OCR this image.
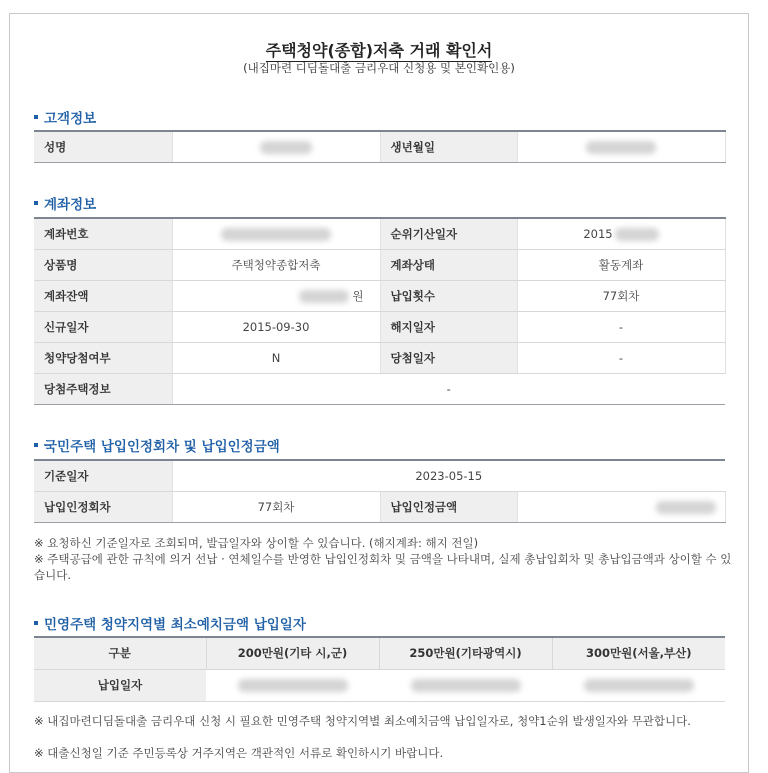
주택청약(종합)저축 거래 확인서
(내집마련 디딤돌대출 금리우대 신청용 및 본인확인용)
고객정보
성명		생년월일	
계좌정보
계좌번호		순위기산일자	2015
상품명	주택청약종합저축	계좌상태	활동계좌
계좌잔액	원	납입횟수	77회차
신규일자	2015-09-30	해지일자	-
청약당첨여부	N	당첨일자	-
당첨주택정보	-		
국민주택 납입인정회차 및 납입인정금액
기준일자	2023-05-15		
납입인정회차	77회차	납입인정금액	
※ 요청하신 기준일자로 조회되며, 발급일자와 상이할 수 있습니다. (해지계좌: 해지 전일)
※ 주택공급에 관한 규칙에 의거 선납 · 연체일수를 반영한 납입인정회차 및 금액을 나타내며, 실제 총납입회차 및 총납입금액과 상이할 수 있습니다.
민영주택 청약지역별 최소예치금액 납입일자
구분	200만원(기타 시,군)	250만원(기타광역시)	300만원(서울,부산)
납입일자			
※ 내집마련디딤돌대출 금리우대 신청 시 필요한 민영주택 청약지역별 최소예치금액 납입일자로, 청약1순위 발생일자와 무관합니다.
※ 대출신청일 기준 주민등록상 거주지역은 객관적인 서류로 확인하시기 바랍니다.
